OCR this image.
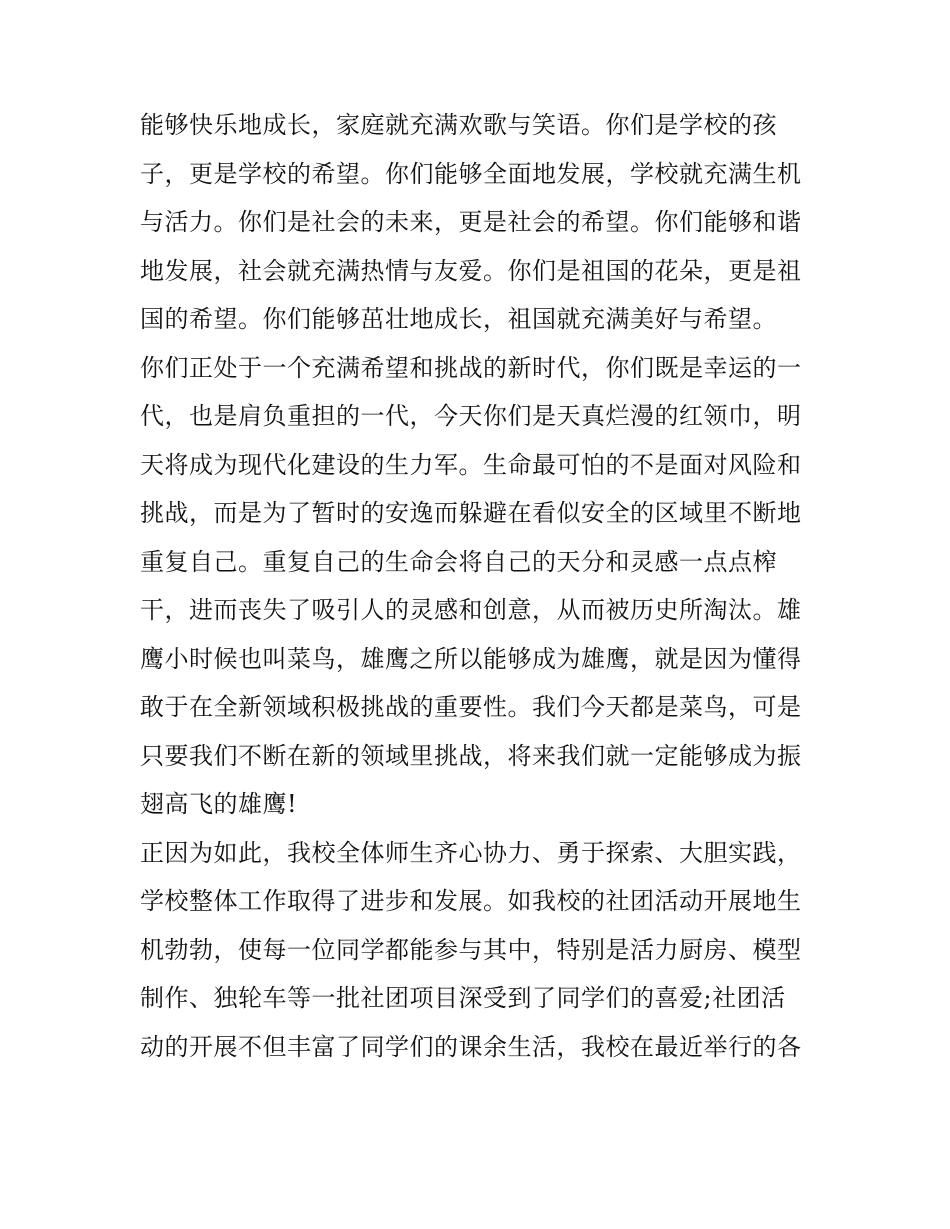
能够快乐地成长，家庭就充满欢歌与笑语。你们是学校的孩
子，更是学校的希望。你们能够全面地发展，学校就充满生机
与活力。你们是社会的未来，更是社会的希望。你们能够和谐
地发展，社会就充满热情与友爱。你们是祖国的花朵，更是祖
国的希望。你们能够茁壮地成长，祖国就充满美好与希望。
你们正处于一个充满希望和挑战的新时代，你们既是幸运的一
代，也是肩负重担的一代，今天你们是天真烂漫的红领巾，明
天将成为现代化建设的生力军。生命最可怕的不是面对风险和
挑战，而是为了暂时的安逸而躲避在看似安全的区域里不断地
重复自己。重复自己的生命会将自己的天分和灵感一点点榨
干，进而丧失了吸引人的灵感和创意，从而被历史所淘汰。雄
鹰小时候也叫菜鸟，雄鹰之所以能够成为雄鹰，就是因为懂得
敢于在全新领域积极挑战的重要性。我们今天都是菜鸟，可是
只要我们不断在新的领域里挑战，将来我们就一定能够成为振
翅高飞的雄鹰!
正因为如此，我校全体师生齐心协力、勇于探索、大胆实践，
学校整体工作取得了进步和发展。如我校的社团活动开展地生
机勃勃，使每一位同学都能参与其中，特别是活力厨房、模型
制作、独轮车等一批社团项目深受到了同学们的喜爱;社团活
动的开展不但丰富了同学们的课余生活，我校在最近举行的各
